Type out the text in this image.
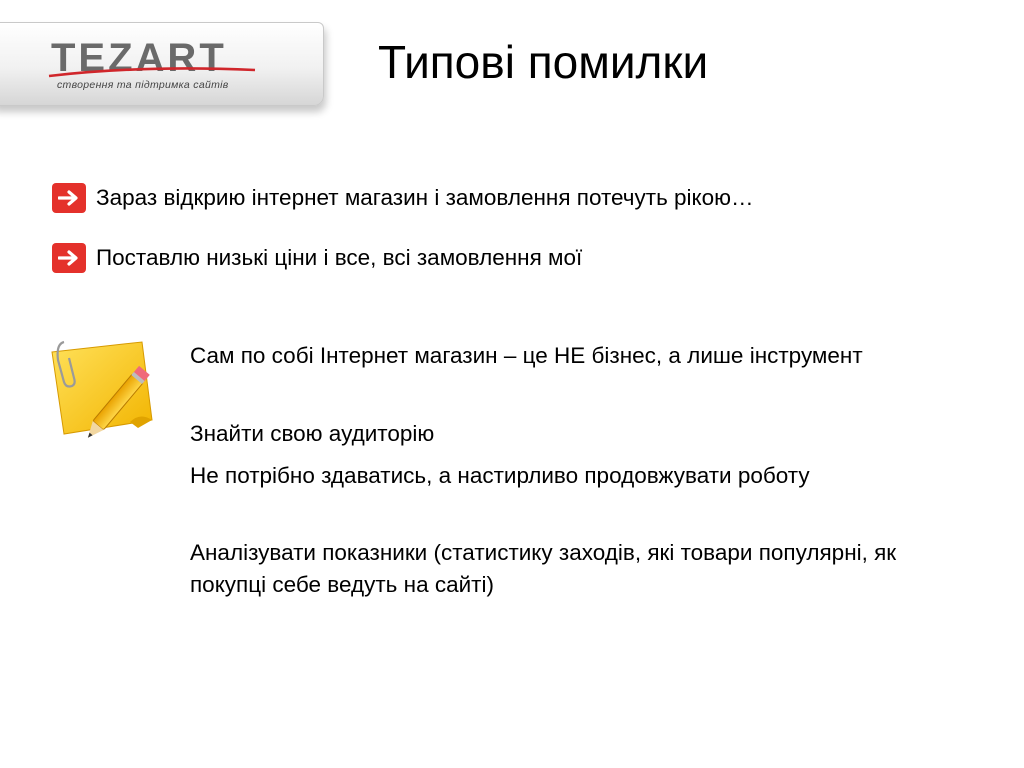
TEZART
створення та підтримка сайтів	Типові помилки
Зараз відкрию інтернет магазин і замовлення потечуть рікою…
Поставлю низькі ціни і все, всі замовлення мої
Сам по собі Інтернет магазин – це НЕ бізнес, а лише інструмент
Знайти свою аудиторію
Не потрібно здаватись, а настирливо продовжувати роботу
Аналізувати показники (статистику заходів, які товари популярні, як покупці себе ведуть на сайті)
